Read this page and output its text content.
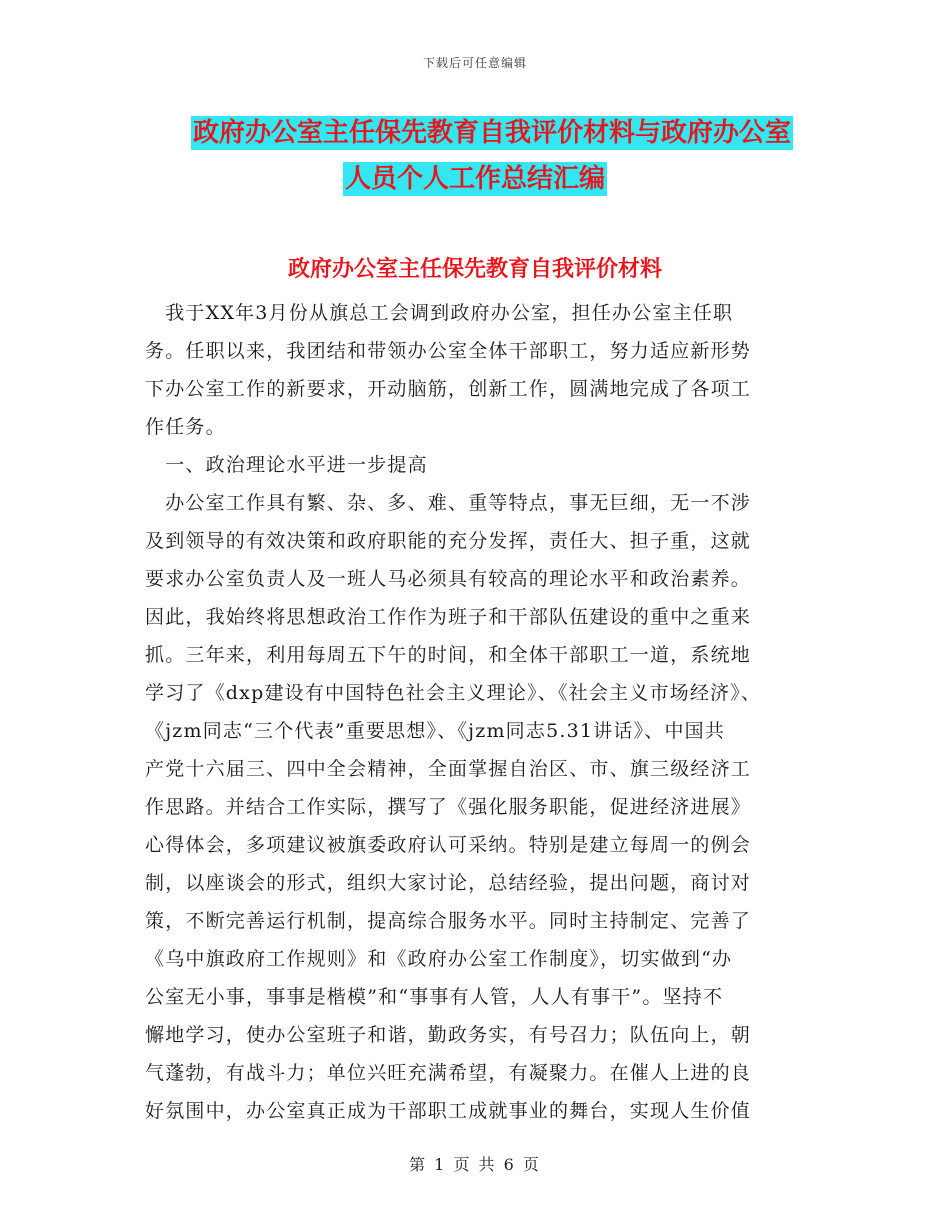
下载后可任意编辑
政府办公室主任保先教育自我评价材料与政府办公室
人员个人工作总结汇编
政府办公室主任保先教育自我评价材料
　我于XX年3月份从旗总工会调到政府办公室，担任办公室主任职
务。任职以来，我团结和带领办公室全体干部职工，努力适应新形势
下办公室工作的新要求，开动脑筋，创新工作，圆满地完成了各项工
作任务。
　一、政治理论水平进一步提高
　办公室工作具有繁、杂、多、难、重等特点，事无巨细，无一不涉
及到领导的有效决策和政府职能的充分发挥，责任大、担子重，这就
要求办公室负责人及一班人马必须具有较高的理论水平和政治素养。
因此，我始终将思想政治工作作为班子和干部队伍建设的重中之重来
抓。三年来，利用每周五下午的时间，和全体干部职工一道，系统地
学习了《dxp建设有中国特色社会主义理论》、《社会主义市场经济》、
《jzm同志“三个代表”重要思想》、《jzm同志5.31讲话》、中国共
产党十六届三、四中全会精神，全面掌握自治区、市、旗三级经济工
作思路。并结合工作实际，撰写了《强化服务职能，促进经济进展》
心得体会，多项建议被旗委政府认可采纳。特别是建立每周一的例会
制，以座谈会的形式，组织大家讨论，总结经验，提出问题，商讨对
策，不断完善运行机制，提高综合服务水平。同时主持制定、完善了
《乌中旗政府工作规则》和《政府办公室工作制度》，切实做到“办
公室无小事，事事是楷模”和“事事有人管，人人有事干”。坚持不
懈地学习，使办公室班子和谐，勤政务实，有号召力；队伍向上，朝
气蓬勃，有战斗力；单位兴旺充满希望，有凝聚力。在催人上进的良
好氛围中，办公室真正成为干部职工成就事业的舞台，实现人生价值
第 1 页 共 6 页
